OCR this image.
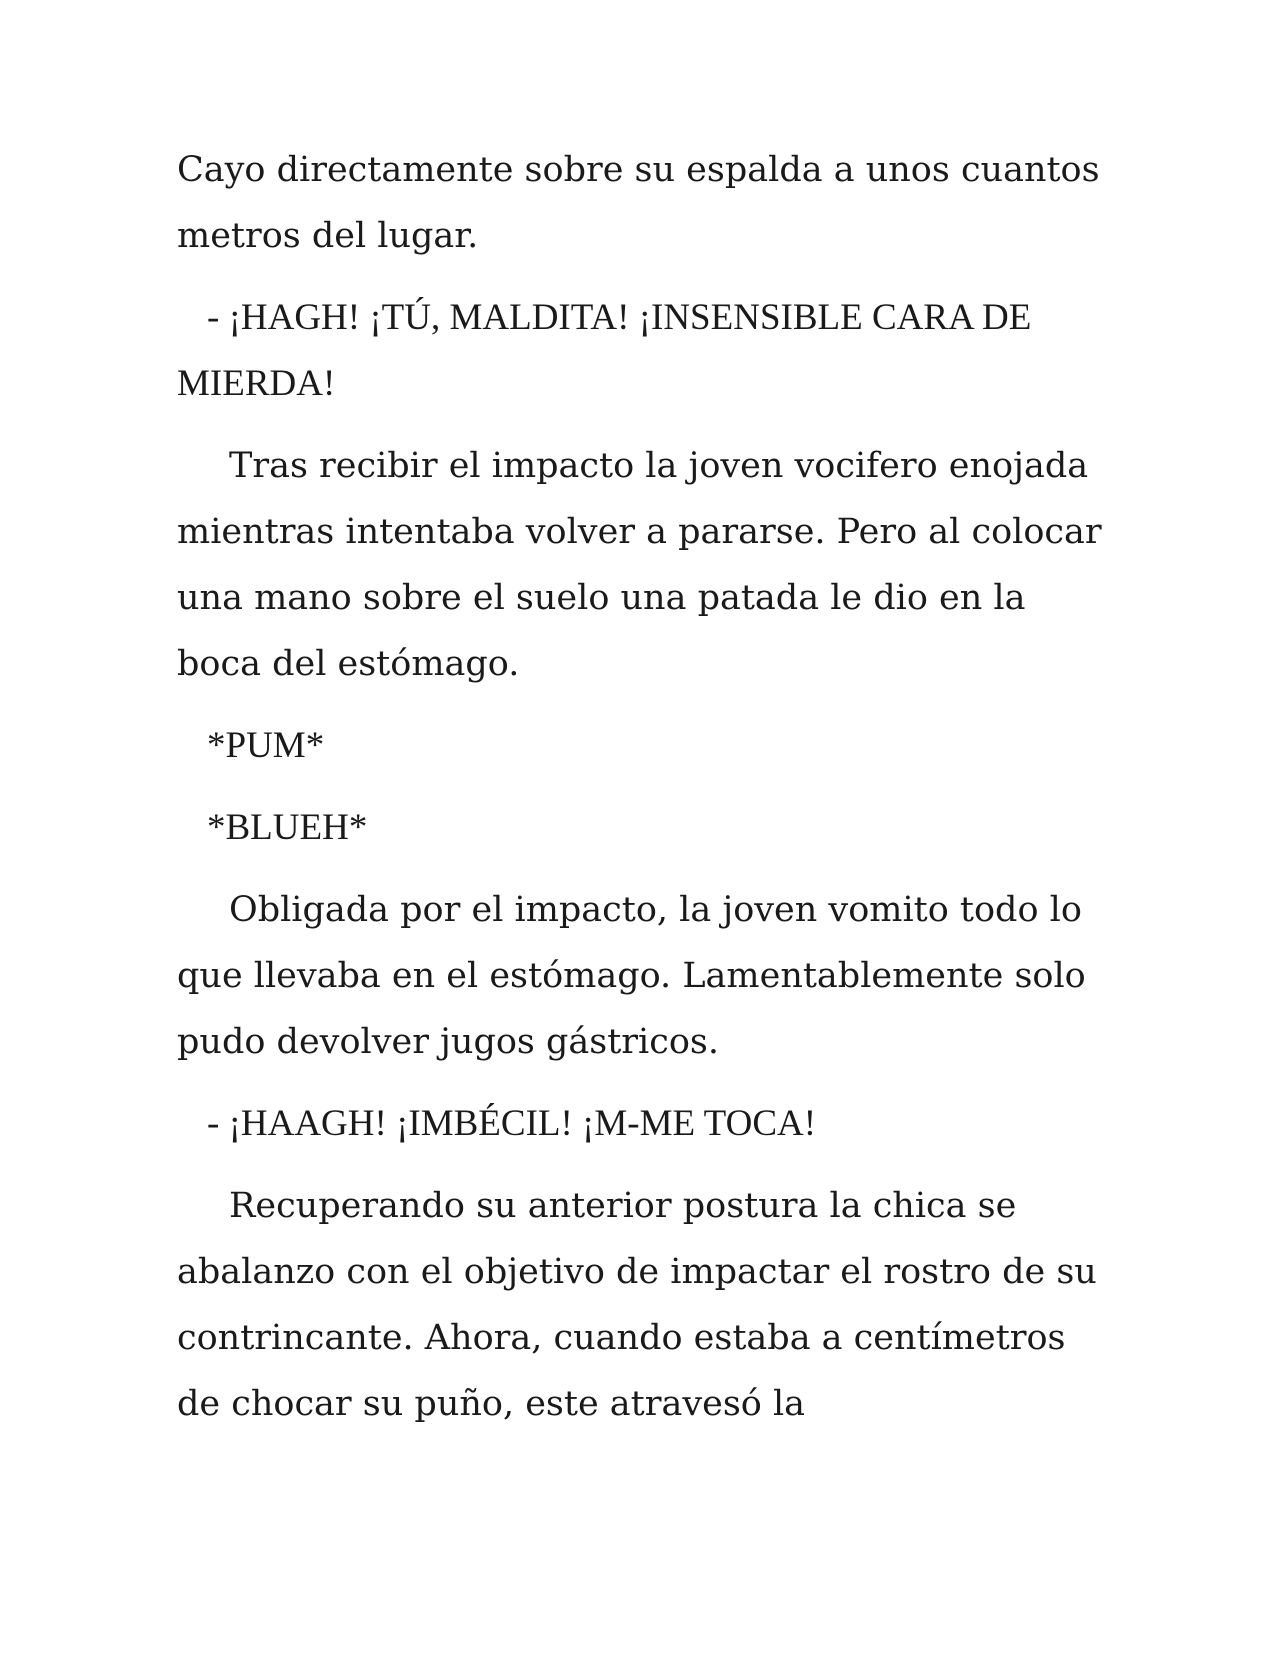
Cayo directamente sobre su espalda a unos cuantos metros del lugar.

- ¡HAGH! ¡TÚ, MALDITA! ¡INSENSIBLE CARA DE MIERDA!

Tras recibir el impacto la joven vocifero enojada mientras intentaba volver a pararse. Pero al colocar una mano sobre el suelo una patada le dio en la boca del estómago.

*PUM*

*BLUEH*

Obligada por el impacto, la joven vomito todo lo que llevaba en el estómago. Lamentablemente solo pudo devolver jugos gástricos.

- ¡HAAGH! ¡IMBÉCIL! ¡M-ME TOCA!

Recuperando su anterior postura la chica se abalanzo con el objetivo de impactar el rostro de su contrincante. Ahora, cuando estaba a centímetros de chocar su puño, este atravesó la
